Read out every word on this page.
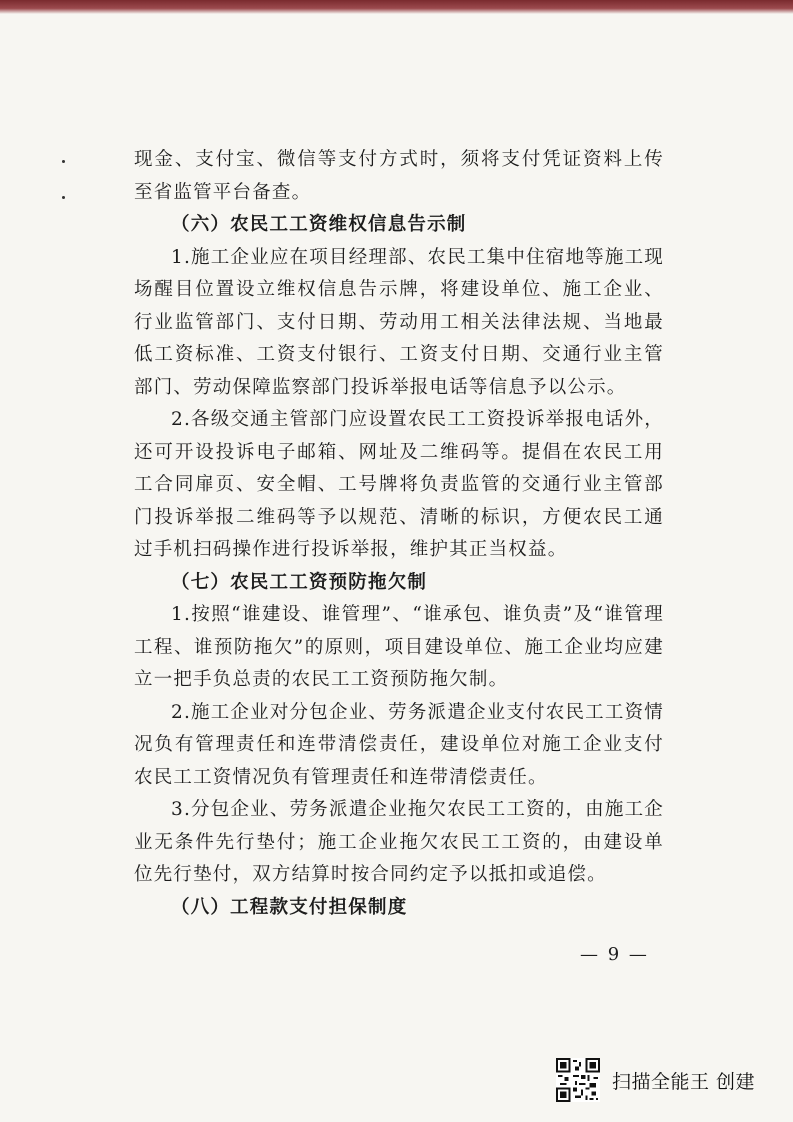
现金、支付宝、微信等支付方式时，须将支付凭证资料上传至省监管平台备查。

（六）农民工工资维权信息告示制

1.施工企业应在项目经理部、农民工集中住宿地等施工现场醒目位置设立维权信息告示牌，将建设单位、施工企业、行业监管部门、支付日期、劳动用工相关法律法规、当地最低工资标准、工资支付银行、工资支付日期、交通行业主管部门、劳动保障监察部门投诉举报电话等信息予以公示。

2.各级交通主管部门应设置农民工工资投诉举报电话外，还可开设投诉电子邮箱、网址及二维码等。提倡在农民工用工合同扉页、安全帽、工号牌将负责监管的交通行业主管部门投诉举报二维码等予以规范、清晰的标识，方便农民工通过手机扫码操作进行投诉举报，维护其正当权益。

（七）农民工工资预防拖欠制

1.按照“谁建设、谁管理”、“谁承包、谁负责”及“谁管理工程、谁预防拖欠”的原则，项目建设单位、施工企业均应建立一把手负总责的农民工工资预防拖欠制。

2.施工企业对分包企业、劳务派遣企业支付农民工工资情况负有管理责任和连带清偿责任，建设单位对施工企业支付农民工工资情况负有管理责任和连带清偿责任。

3.分包企业、劳务派遣企业拖欠农民工工资的，由施工企业无条件先行垫付；施工企业拖欠农民工工资的，由建设单位先行垫付，双方结算时按合同约定予以抵扣或追偿。

（八）工程款支付担保制度

— 9 —
扫描全能王 创建
